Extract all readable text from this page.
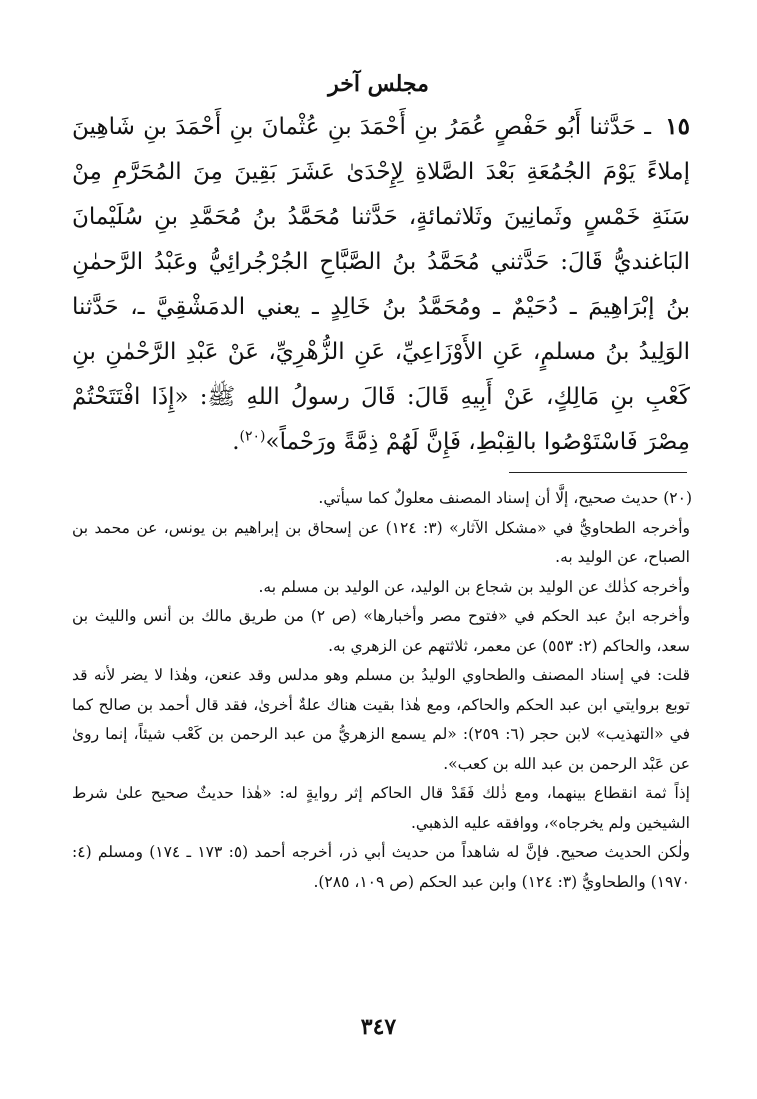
مجلس آخر

١٥ ـ حَدَّثنا أَبُو حَفْصٍ عُمَرُ بنِ أَحْمَدَ بنِ عُثْمانَ بنِ أَحْمَدَ بنِ شَاهِينَ إملاءً يَوْمَ الجُمُعَةِ بَعْدَ الصَّلاةِ لِإِحْدَىٰ عَشَرَ بَقِينَ مِنَ المُحَرَّمِ مِنْ سَنَةِ خَمْسٍ وثَمانِينَ وثَلاثمائةٍ، حَدَّثنا مُحَمَّدُ بنُ مُحَمَّدِ بنِ سُلَيْمانَ البَاغنديُّ قَالَ: حَدَّثني مُحَمَّدُ بنُ الصَّبَّاحِ الجُرْجُرائِيُّ وعَبْدُ الرَّحمٰنِ بنُ إبْرَاهِيمَ ـ دُحَيْمٌ ـ ومُحَمَّدُ بنُ خَالِدٍ ـ يعني الدمَشْقِيَّ ـ، حَدَّثنا الوَلِيدُ بنُ مسلمٍ، عَنِ الأَوْزَاعِيِّ، عَنِ الزُّهْرِيِّ، عَنْ عَبْدِ الرَّحْمٰنِ بنِ كَعْبِ بنِ مَالِكٍ، عَنْ أَبِيهِ قَالَ: قَالَ رسولُ اللهِ ﷺ: «إِذَا افْتَتَحْتُمْ مِصْرَ فَاسْتَوْصُوا بالقِبْطِ، فَإِنَّ لَهُمْ ذِمَّةً ورَحْماً»$^{(٢٠)}$.

(٢٠) حديث صحيح، إلَّا أن إسناد المصنف معلولٌ كما سيأتي.

وأخرجه الطحاويُّ في «مشكل الآثار» (٣: ١٢٤) عن إسحاق بن إبراهيم بن يونس، عن محمد بن الصباح، عن الوليد به.

وأخرجه كذٰلك عن الوليد بن شجاع بن الوليد، عن الوليد بن مسلم به.

وأخرجه ابنُ عبد الحكم في «فتوح مصر وأخبارها» (ص ٢) من طريق مالك بن أنس والليث بن سعد، والحاكم (٢: ٥٥٣) عن معمر، ثلاثتهم عن الزهري به.

قلت: في إسناد المصنف والطحاوي الوليدُ بن مسلم وهو مدلس وقد عنعن، وهٰذا لا يضر لأنه قد توبع بروايتي ابن عبد الحكم والحاكم، ومع هٰذا بقيت هناك علةٌ أخرىٰ، فقد قال أحمد بن صالح كما في «التهذيب» لابن حجر (٦: ٢٥٩): «لم يسمع الزهريُّ من عبد الرحمن بن كَعْب شيئاً، إنما روىٰ عن عَبْد الرحمن بن عبد الله بن كعب».

إذاً ثمة انقطاع بينهما، ومع ذٰلك فَقَدْ قال الحاكم إثر روايةٍ له: «هٰذا حديثٌ صحيح علىٰ شرط الشيخين ولم يخرجاه»، ووافقه عليه الذهبي.

ولٰكن الحديث صحيح. فإنَّ له شاهداً من حديث أبي ذر، أخرجه أحمد (٥: ١٧٣ ـ ١٧٤) ومسلم (٤: ١٩٧٠) والطحاويُّ (٣: ١٢٤) وابن عبد الحكم (ص ١٠٩، ٢٨٥).

٣٤٧
